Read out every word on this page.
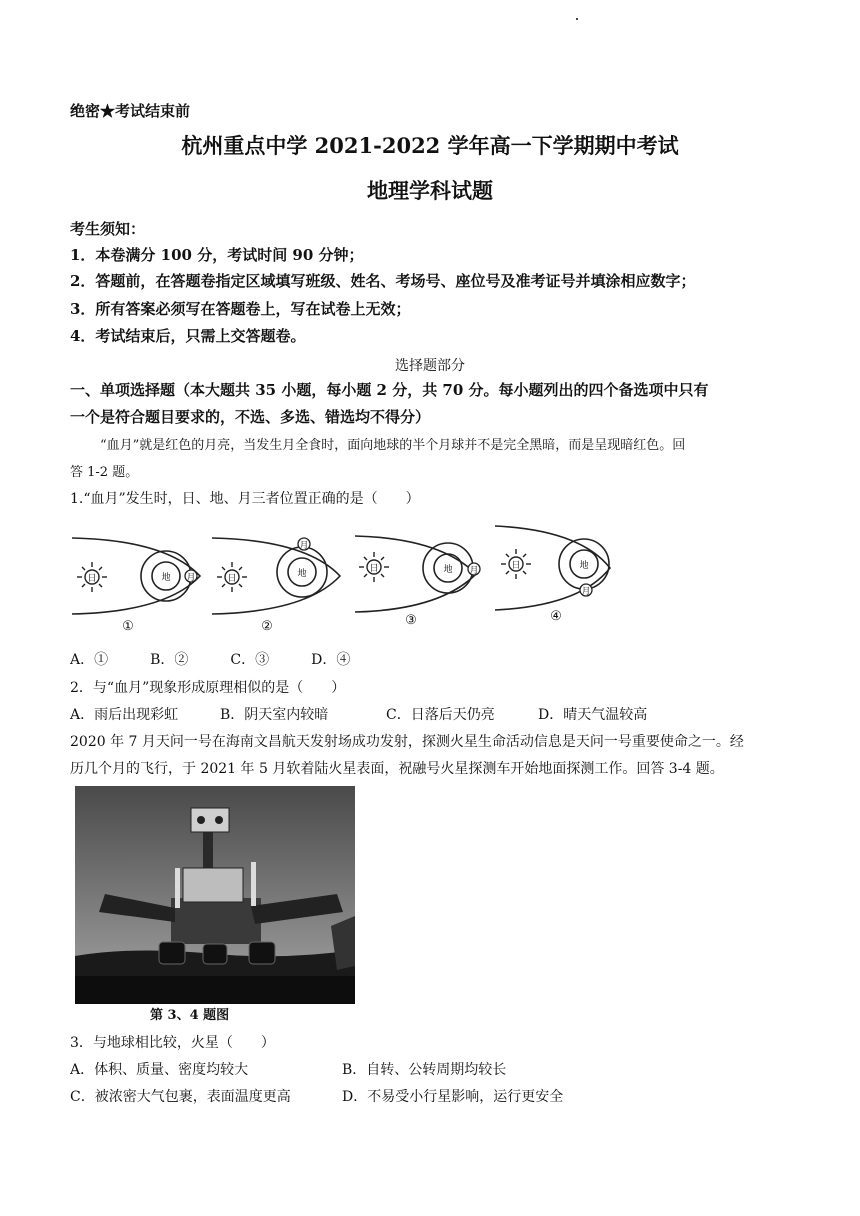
绝密★考试结束前
杭州重点中学 2021-2022 学年高一下学期期中考试
地理学科试题
考生须知：
1．本卷满分 100 分，考试时间 90 分钟；
2．答题前，在答题卷指定区域填写班级、姓名、考场号、座位号及准考证号并填涂相应数字；
3．所有答案必须写在答题卷上，写在试卷上无效；
4．考试结束后，只需上交答题卷。
选择题部分
一、单项选择题（本大题共 35 小题，每小题 2 分，共 70 分。每小题列出的四个备选项中只有
一个是符合题目要求的，不选、多选、错选均不得分）
“血月”就是红色的月亮，当发生月全食时，面向地球的半个月球并不是完全黑暗，而是呈现暗红色。回
答 1-2 题。
1.“血月”发生时，日、地、月三者位置正确的是（　　）
日	日
日	日
地	地	地	地
月
月
月
月
①	②	③	④
A．①　　　B．②　　　C．③　　　D．④
2．与“血月”现象形成原理相似的是（　　）
A．雨后出现彩虹	B．阴天室内较暗	C．日落后天仍亮	D．晴天气温较高
2020 年 7 月天问一号在海南文昌航天发射场成功发射，探测火星生命活动信息是天问一号重要使命之一。经
历几个月的飞行，于 2021 年 5 月软着陆火星表面，祝融号火星探测车开始地面探测工作。回答 3-4 题。
第 3、4 题图
3．与地球相比较，火星（　　）
A．体积、质量、密度均较大	B．自转、公转周期均较长
C．被浓密大气包裹，表面温度更高	D．不易受小行星影响，运行更安全
